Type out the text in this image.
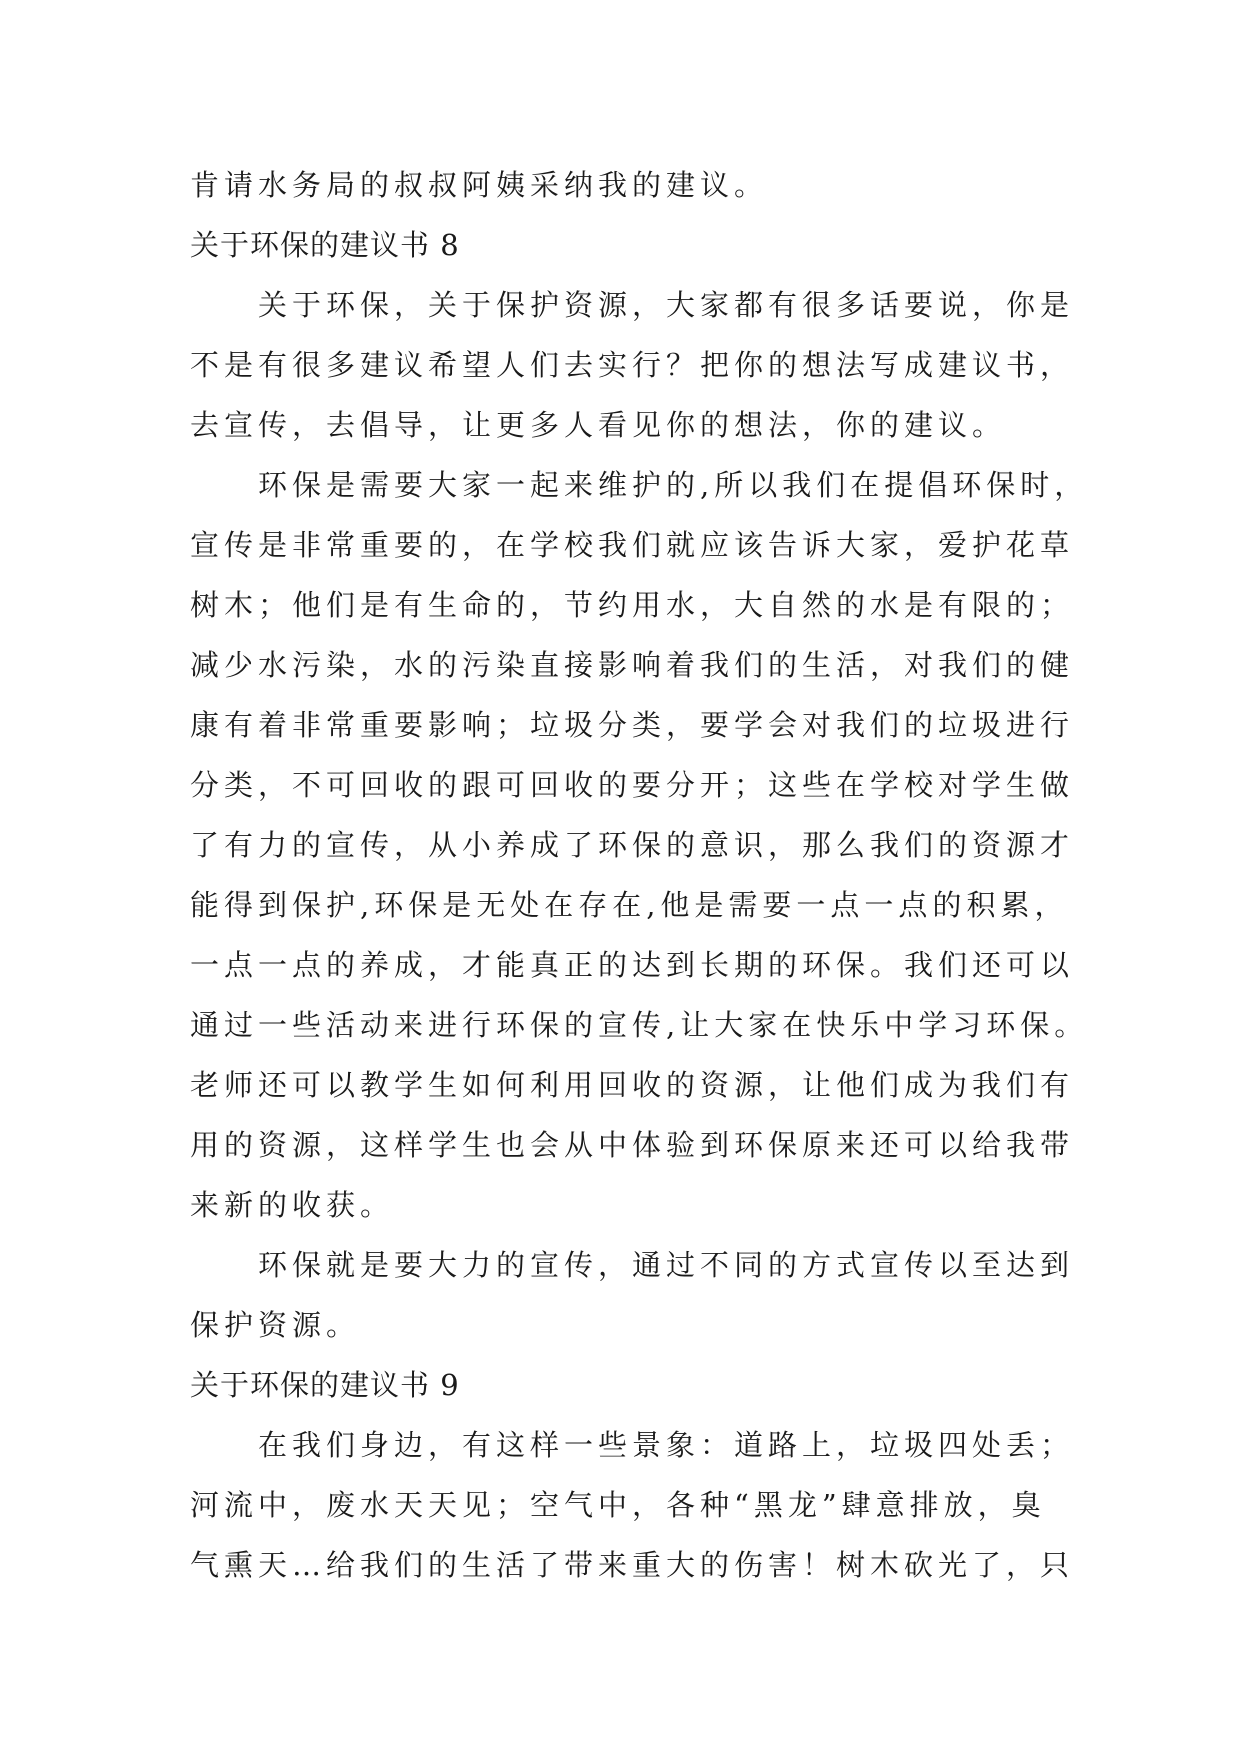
肯请水务局的叔叔阿姨采纳我的建议。
关于环保的建议书 8
关于环保，关于保护资源，大家都有很多话要说，你是
不是有很多建议希望人们去实行？把你的想法写成建议书，
去宣传，去倡导，让更多人看见你的想法，你的建议。
环保是需要大家一起来维护的,所以我们在提倡环保时，
宣传是非常重要的，在学校我们就应该告诉大家，爱护花草
树木；他们是有生命的，节约用水，大自然的水是有限的；
减少水污染，水的污染直接影响着我们的生活，对我们的健
康有着非常重要影响；垃圾分类，要学会对我们的垃圾进行
分类，不可回收的跟可回收的要分开；这些在学校对学生做
了有力的宣传，从小养成了环保的意识，那么我们的资源才
能得到保护,环保是无处在存在,他是需要一点一点的积累，
一点一点的养成，才能真正的达到长期的环保。我们还可以
通过一些活动来进行环保的宣传,让大家在快乐中学习环保。
老师还可以教学生如何利用回收的资源，让他们成为我们有
用的资源，这样学生也会从中体验到环保原来还可以给我带
来新的收获。
环保就是要大力的宣传，通过不同的方式宣传以至达到
保护资源。
关于环保的建议书 9
在我们身边，有这样一些景象：道路上，垃圾四处丢；
河流中，废水天天见；空气中，各种“黑龙”肆意排放，臭
气熏天…给我们的生活了带来重大的伤害！树木砍光了，只
